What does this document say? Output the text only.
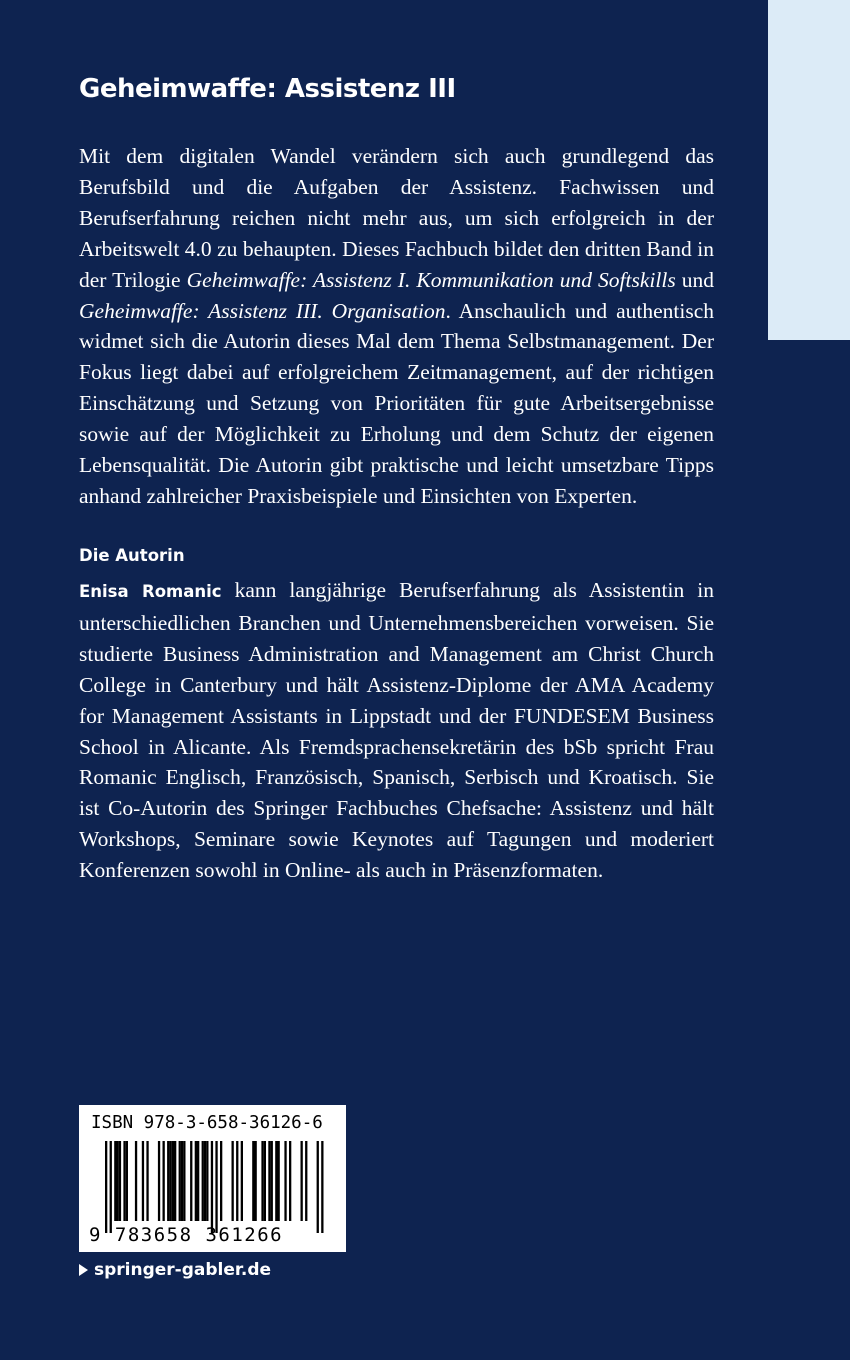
Geheimwaffe: Assistenz III

Mit dem digitalen Wandel verändern sich auch grundlegend das Berufsbild und die Aufgaben der Assistenz. Fachwissen und Berufserfahrung reichen nicht mehr aus, um sich erfolgreich in der Arbeitswelt 4.0 zu behaupten. Dieses Fachbuch bildet den dritten Band in der Trilogie Geheimwaffe: Assistenz I. Kommunikation und Softskills und Geheimwaffe: Assistenz III. Organisation. Anschaulich und authentisch widmet sich die Autorin dieses Mal dem Thema Selbstmanagement. Der Fokus liegt dabei auf erfolgreichem Zeitmanagement, auf der richtigen Einschätzung und Setzung von Prioritäten für gute Arbeitsergebnisse sowie auf der Möglichkeit zu Erholung und dem Schutz der eigenen Lebensqualität. Die Autorin gibt praktische und leicht umsetzbare Tipps anhand zahlreicher Praxisbeispiele und Einsichten von Experten.

Die Autorin

Enisa Romanic kann langjährige Berufserfahrung als Assistentin in unterschiedlichen Branchen und Unternehmensbereichen vorweisen. Sie studierte Business Administration and Management am Christ Church College in Canterbury und hält Assistenz-Diplome der AMA Academy for Management Assistants in Lippstadt und der FUNDESEM Business School in Alicante. Als Fremdsprachensekretärin des bSb spricht Frau Romanic Englisch, Französisch, Spanisch, Serbisch und Kroatisch. Sie ist Co-Autorin des Springer Fachbuches Chefsache: Assistenz und hält Workshops, Seminare sowie Keynotes auf Tagungen und moderiert Konferenzen sowohl in Online- als auch in Präsenzformaten.

ISBN 978-3-658-36126-6
9 783658 361266
springer-gabler.de
